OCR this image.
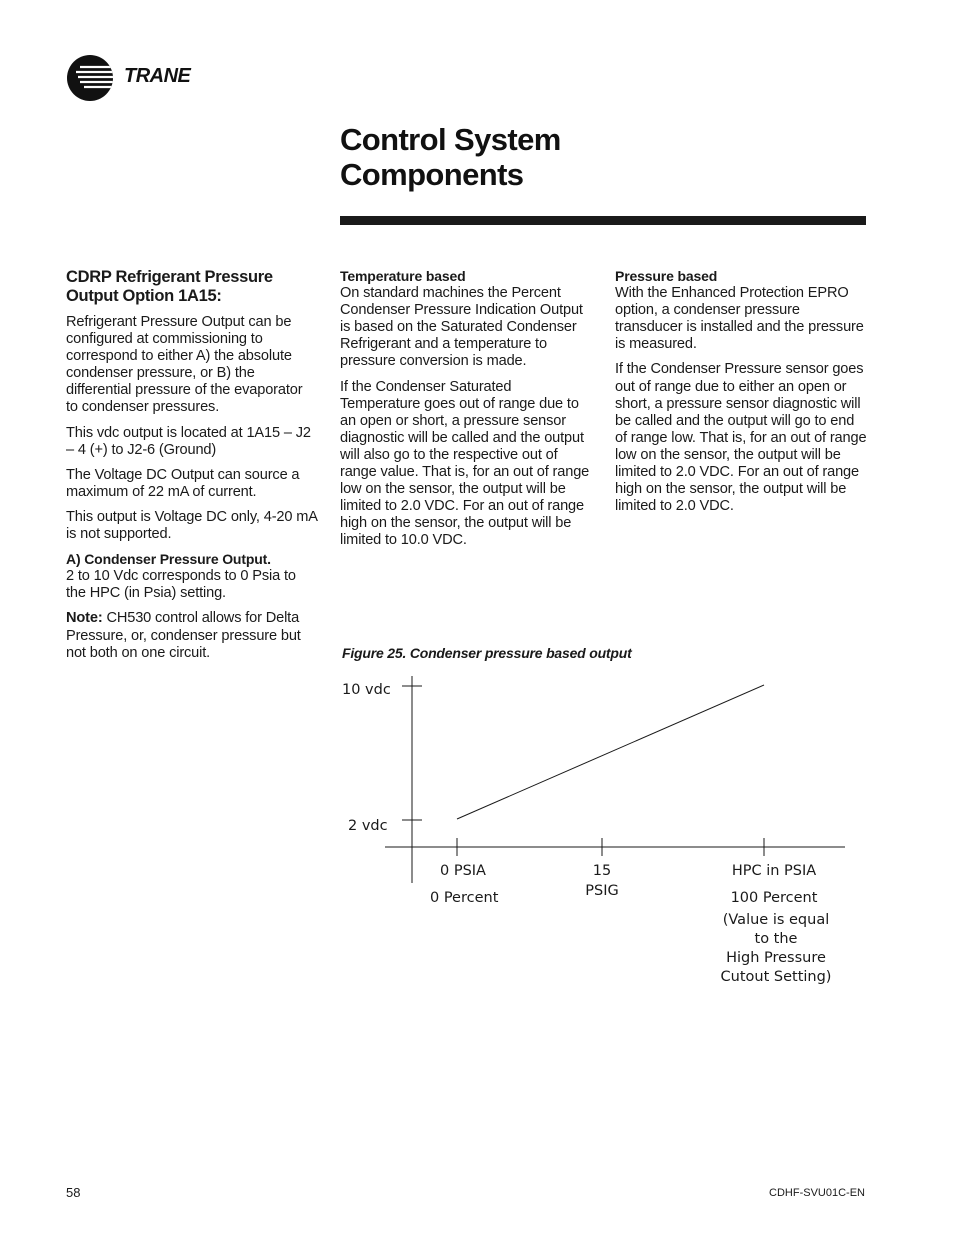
TRANE
Control System
Components

CDRP Refrigerant Pressure Output Option 1A15:

Refrigerant Pressure Output can be configured at commissioning to correspond to either A) the absolute condenser pressure, or B) the differential pressure of the evaporator to condenser pressures.

This vdc output is located at 1A15 – J2 – 4 (+) to J2-6 (Ground)

The Voltage DC Output can source a maximum of 22 mA of current.

This output is Voltage DC only, 4-20 mA is not supported.

A) Condenser Pressure Output.
2 to 10 Vdc corresponds to 0 Psia to the HPC (in Psia) setting.

Note: CH530 control allows for Delta Pressure, or, condenser pressure but not both on one circuit.

Temperature based
On standard machines the Percent Condenser Pressure Indication Output is based on the Saturated Condenser Refrigerant and a temperature to pressure conversion is made.

If the Condenser Saturated Temperature goes out of range due to an open or short, a pressure sensor diagnostic will be called and the output will also go to the respective out of range value. That is, for an out of range low on the sensor, the output will be limited to 2.0 VDC. For an out of range high on the sensor, the output will be limited to 10.0 VDC.

Pressure based
With the Enhanced Protection EPRO option, a condenser pressure transducer is installed and the pressure is measured.

If the Condenser Pressure sensor goes out of range due to either an open or short, a pressure sensor diagnostic will be called and the output will go to end of range low. That is, for an out of range low on the sensor, the output will be limited to 2.0 VDC. For an out of range high on the sensor, the output will be limited to 2.0 VDC.

Figure 25. Condenser pressure based output
10 vdc
2 vdc
0 PSIA
0 Percent
15
PSIG
HPC in PSIA
100 Percent
(Value is equal
to the
High Pressure
Cutout Setting)
58	CDHF-SVU01C-EN
